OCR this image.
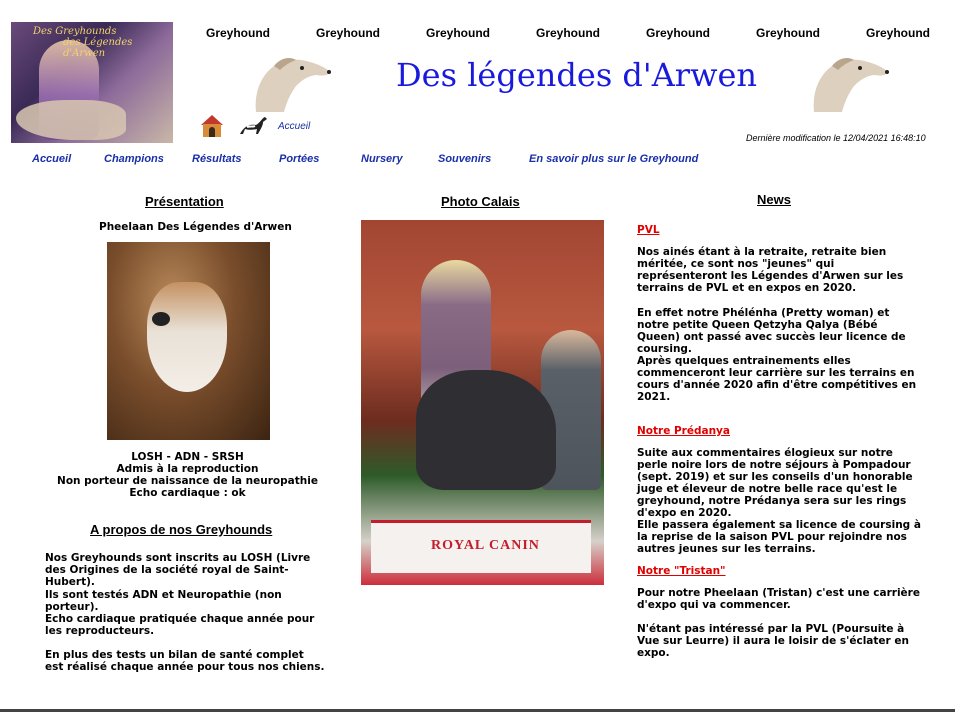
Des Greyhounds
des Légendes d'Arwen
Greyhound	Greyhound	Greyhound	Greyhound	Greyhound	Greyhound	Greyhound
Des légendes d'Arwen
Accueil
Dernière modification le 12/04/2021 16:48:10
Accueil	Champions	Résultats	Portées	Nursery	Souvenirs	En savoir plus sur le Greyhound
Présentation
Pheelaan Des Légendes d'Arwen
LOSH - ADN - SRSH
Admis à la reproduction
Non porteur de naissance de la neuropathie
Echo cardiaque : ok
A propos de nos Greyhounds
Nos Greyhounds sont inscrits au LOSH (Livre des Origines de la société royal de Saint-Hubert).
Ils sont testés ADN et Neuropathie (non porteur).
Echo cardiaque pratiquée chaque année pour les reproducteurs.
En plus des tests un bilan de santé complet est réalisé chaque année pour tous nos chiens.
Photo Calais
ROYAL CANIN
News
PVL
Nos ainés étant à la retraite, retraite bien méritée, ce sont nos "jeunes" qui représenteront les Légendes d'Arwen sur les terrains de PVL et en expos en 2020.
En effet notre Phélénha (Pretty woman) et notre petite Queen Qetzyha Qalya (Bébé Queen) ont passé avec succès leur licence de coursing.
Après quelques entrainements elles commenceront leur carrière sur les terrains en cours d'année 2020 afin d'être compétitives en 2021.
Notre Prédanya
Suite aux commentaires élogieux sur notre perle noire lors de notre séjours à Pompadour (sept. 2019) et sur les conseils d'un honorable juge et éleveur de notre belle race qu'est le greyhound, notre Prédanya sera sur les rings d'expo en 2020.
Elle passera également sa licence de coursing à la reprise de la saison PVL pour rejoindre nos autres jeunes sur les terrains.
Notre "Tristan"
Pour notre Pheelaan (Tristan) c'est une carrière d'expo qui va commencer.
N'étant pas intéressé par la PVL (Poursuite à Vue sur Leurre) il aura le loisir de s'éclater en expo.
